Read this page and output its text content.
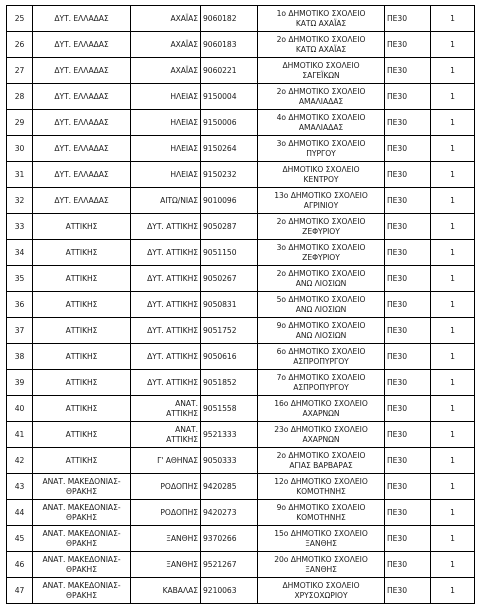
25	ΔΥΤ. ΕΛΛΑΔΑΣ	ΑΧΑΪΑΣ	9060182	1ο ΔΗΜΟΤΙΚΟ ΣΧΟΛΕΙΟ
ΚΑΤΩ ΑΧΑΪΑΣ	ΠΕ30	1
26	ΔΥΤ. ΕΛΛΑΔΑΣ	ΑΧΑΪΑΣ	9060183	2ο ΔΗΜΟΤΙΚΟ ΣΧΟΛΕΙΟ
ΚΑΤΩ ΑΧΑΪΑΣ	ΠΕ30	1
27	ΔΥΤ. ΕΛΛΑΔΑΣ	ΑΧΑΪΑΣ	9060221	ΔΗΜΟΤΙΚΟ ΣΧΟΛΕΙΟ
ΣΑΓΕΪΚΩΝ	ΠΕ30	1
28	ΔΥΤ. ΕΛΛΑΔΑΣ	ΗΛΕΙΑΣ	9150004	2ο ΔΗΜΟΤΙΚΟ ΣΧΟΛΕΙΟ
ΑΜΑΛΙΑΔΑΣ	ΠΕ30	1
29	ΔΥΤ. ΕΛΛΑΔΑΣ	ΗΛΕΙΑΣ	9150006	4ο ΔΗΜΟΤΙΚΟ ΣΧΟΛΕΙΟ
ΑΜΑΛΙΑΔΑΣ	ΠΕ30	1
30	ΔΥΤ. ΕΛΛΑΔΑΣ	ΗΛΕΙΑΣ	9150264	3ο ΔΗΜΟΤΙΚΟ ΣΧΟΛΕΙΟ
ΠΥΡΓΟΥ	ΠΕ30	1
31	ΔΥΤ. ΕΛΛΑΔΑΣ	ΗΛΕΙΑΣ	9150232	ΔΗΜΟΤΙΚΟ ΣΧΟΛΕΙΟ
ΚΕΝΤΡΟΥ	ΠΕ30	1
32	ΔΥΤ. ΕΛΛΑΔΑΣ	ΑΙΤΩ/ΝΙΑΣ	9010096	13ο ΔΗΜΟΤΙΚΟ ΣΧΟΛΕΙΟ
ΑΓΡΙΝΙΟΥ	ΠΕ30	1
33	ΑΤΤΙΚΗΣ	ΔΥΤ. ΑΤΤΙΚΗΣ	9050287	2ο ΔΗΜΟΤΙΚΟ ΣΧΟΛΕΙΟ
ΖΕΦΥΡΙΟΥ	ΠΕ30	1
34	ΑΤΤΙΚΗΣ	ΔΥΤ. ΑΤΤΙΚΗΣ	9051150	3ο ΔΗΜΟΤΙΚΟ ΣΧΟΛΕΙΟ
ΖΕΦΥΡΙΟΥ	ΠΕ30	1
35	ΑΤΤΙΚΗΣ	ΔΥΤ. ΑΤΤΙΚΗΣ	9050267	2ο ΔΗΜΟΤΙΚΟ ΣΧΟΛΕΙΟ
ΑΝΩ ΛΙΟΣΙΩΝ	ΠΕ30	1
36	ΑΤΤΙΚΗΣ	ΔΥΤ. ΑΤΤΙΚΗΣ	9050831	5ο ΔΗΜΟΤΙΚΟ ΣΧΟΛΕΙΟ
ΑΝΩ ΛΙΟΣΙΩΝ	ΠΕ30	1
37	ΑΤΤΙΚΗΣ	ΔΥΤ. ΑΤΤΙΚΗΣ	9051752	9ο ΔΗΜΟΤΙΚΟ ΣΧΟΛΕΙΟ
ΑΝΩ ΛΙΟΣΙΩΝ	ΠΕ30	1
38	ΑΤΤΙΚΗΣ	ΔΥΤ. ΑΤΤΙΚΗΣ	9050616	6ο ΔΗΜΟΤΙΚΟ ΣΧΟΛΕΙΟ
ΑΣΠΡΟΠΥΡΓΟΥ	ΠΕ30	1
39	ΑΤΤΙΚΗΣ	ΔΥΤ. ΑΤΤΙΚΗΣ	9051852	7ο ΔΗΜΟΤΙΚΟ ΣΧΟΛΕΙΟ
ΑΣΠΡΟΠΥΡΓΟΥ	ΠΕ30	1
40	ΑΤΤΙΚΗΣ	ΑΝΑΤ.
ΑΤΤΙΚΗΣ	9051558	16ο ΔΗΜΟΤΙΚΟ ΣΧΟΛΕΙΟ
ΑΧΑΡΝΩΝ	ΠΕ30	1
41	ΑΤΤΙΚΗΣ	ΑΝΑΤ.
ΑΤΤΙΚΗΣ	9521333	23ο ΔΗΜΟΤΙΚΟ ΣΧΟΛΕΙΟ
ΑΧΑΡΝΩΝ	ΠΕ30	1
42	ΑΤΤΙΚΗΣ	Γ' ΑΘΗΝΑΣ	9050333	2ο ΔΗΜΟΤΙΚΟ ΣΧΟΛΕΙΟ
ΑΓΙΑΣ ΒΑΡΒΑΡΑΣ	ΠΕ30	1
43	ΑΝΑΤ. ΜΑΚΕΔΟΝΙΑΣ-
ΘΡΑΚΗΣ	ΡΟΔΟΠΗΣ	9420285	12ο ΔΗΜΟΤΙΚΟ ΣΧΟΛΕΙΟ
ΚΟΜΟΤΗΝΗΣ	ΠΕ30	1
44	ΑΝΑΤ. ΜΑΚΕΔΟΝΙΑΣ-
ΘΡΑΚΗΣ	ΡΟΔΟΠΗΣ	9420273	9ο ΔΗΜΟΤΙΚΟ ΣΧΟΛΕΙΟ
ΚΟΜΟΤΗΝΗΣ	ΠΕ30	1
45	ΑΝΑΤ. ΜΑΚΕΔΟΝΙΑΣ-
ΘΡΑΚΗΣ	ΞΑΝΘΗΣ	9370266	15ο ΔΗΜΟΤΙΚΟ ΣΧΟΛΕΙΟ
ΞΑΝΘΗΣ	ΠΕ30	1
46	ΑΝΑΤ. ΜΑΚΕΔΟΝΙΑΣ-
ΘΡΑΚΗΣ	ΞΑΝΘΗΣ	9521267	20ο ΔΗΜΟΤΙΚΟ ΣΧΟΛΕΙΟ
ΞΑΝΘΗΣ	ΠΕ30	1
47	ΑΝΑΤ. ΜΑΚΕΔΟΝΙΑΣ-
ΘΡΑΚΗΣ	ΚΑΒΑΛΑΣ	9210063	ΔΗΜΟΤΙΚΟ ΣΧΟΛΕΙΟ
ΧΡΥΣΟΧΩΡΙΟΥ	ΠΕ30	1
